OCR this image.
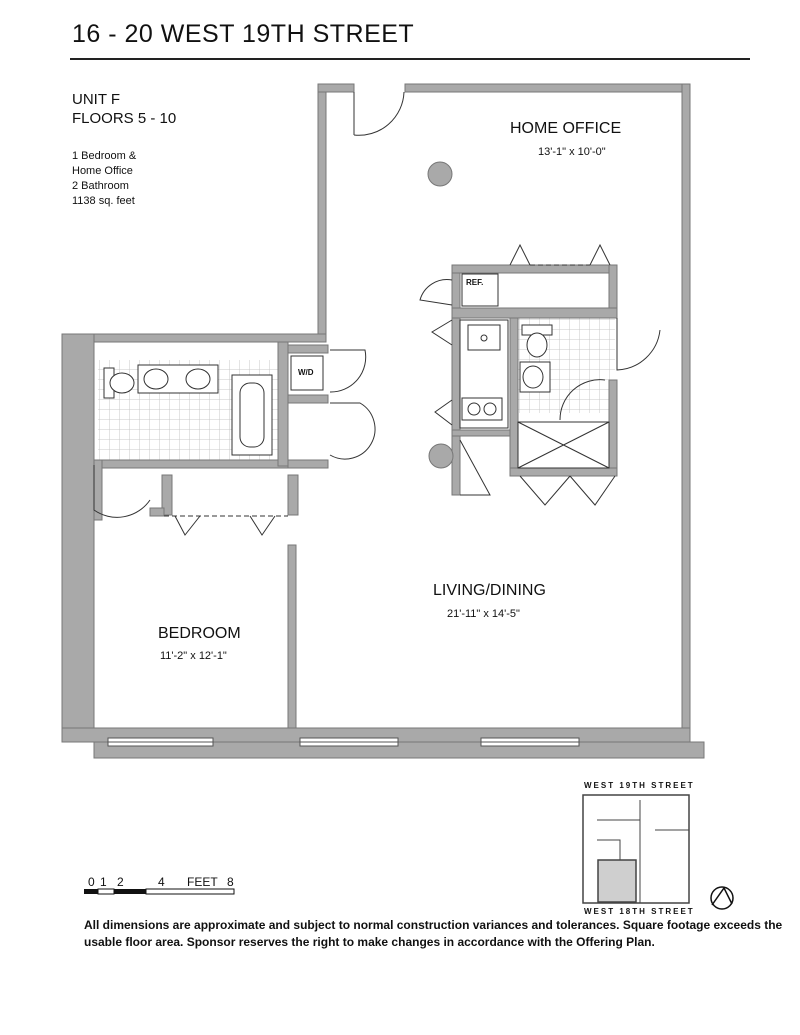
16 - 20 WEST 19TH STREET
UNIT F
FLOORS 5 - 10
1 Bedroom &
Home Office
2 Bathroom
1138 sq. feet
HOME OFFICE
13'-1" x 10'-0"
LIVING/DINING
21'-11" x 14'-5"
BEDROOM
11'-2" x 12'-1"
REF.
W/D
WEST 19TH STREET
WEST 18TH STREET
0 1 2	4 FEET 8
All dimensions are approximate and subject to normal construction variances and tolerances. Square footage exceeds the usable floor area. Sponsor reserves the right to make changes in accordance with the Offering Plan.
